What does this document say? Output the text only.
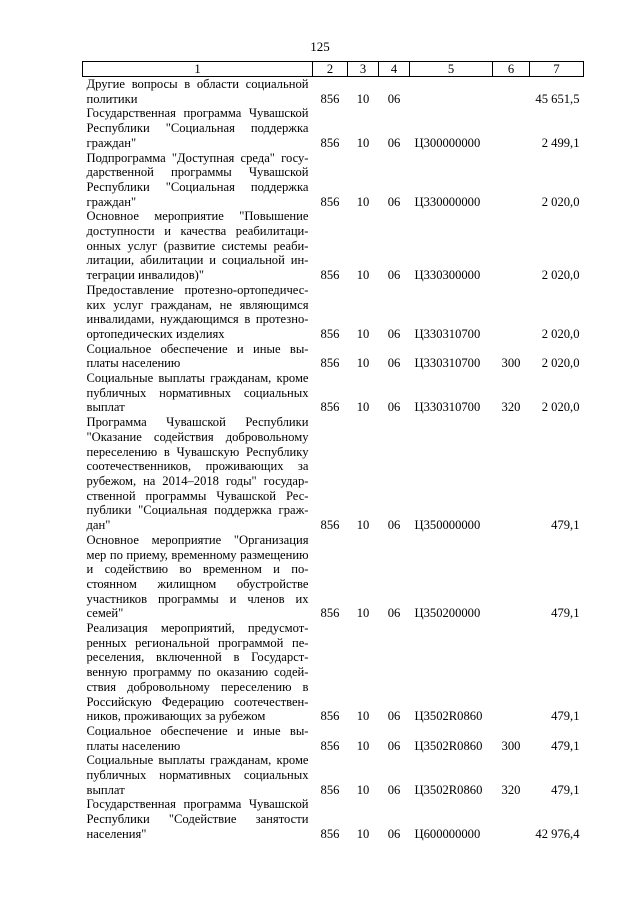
125
1	2	3	4	5	6	7
Другие вопросы в области социальной политики	856	10	06			45 651,5
Государственная программа Чувашской Республики "Социальная поддержка граждан"	856	10	06	Ц300000000		2 499,1
Подпрограмма "Доступная среда" государственной программы Чувашской Республики "Социальная поддержка граждан"	856	10	06	Ц330000000		2 020,0
Основное мероприятие "Повышение доступности и качества реабилитационных услуг (развитие системы реабилитации, абилитации и социальной интеграции инвалидов)"	856	10	06	Ц330300000		2 020,0
Предоставление протезно-ортопедических услуг гражданам, не являющимся инвалидами, нуждающимся в протезно-ортопедических изделиях	856	10	06	Ц330310700		2 020,0
Социальное обеспечение и иные выплаты населению	856	10	06	Ц330310700	300	2 020,0
Социальные выплаты гражданам, кроме публичных нормативных социальных выплат	856	10	06	Ц330310700	320	2 020,0
Программа Чувашской Республики "Оказание содействия добровольному переселению в Чувашскую Республику соотечественников, проживающих за рубежом, на 2014–2018 годы" государственной программы Чувашской Республики "Социальная поддержка граждан"	856	10	06	Ц350000000		479,1
Основное мероприятие "Организация мер по приему, временному размещению и содействию во временном и постоянном жилищном обустройстве участников программы и членов их семей"	856	10	06	Ц350200000		479,1
Реализация мероприятий, предусмотренных региональной программой переселения, включенной в Государственную программу по оказанию содействия добровольному переселению в Российскую Федерацию соотечественников, проживающих за рубежом	856	10	06	Ц3502R0860		479,1
Социальное обеспечение и иные выплаты населению	856	10	06	Ц3502R0860	300	479,1
Социальные выплаты гражданам, кроме публичных нормативных социальных выплат	856	10	06	Ц3502R0860	320	479,1
Государственная программа Чувашской Республики "Содействие занятости населения"	856	10	06	Ц600000000		42 976,4
